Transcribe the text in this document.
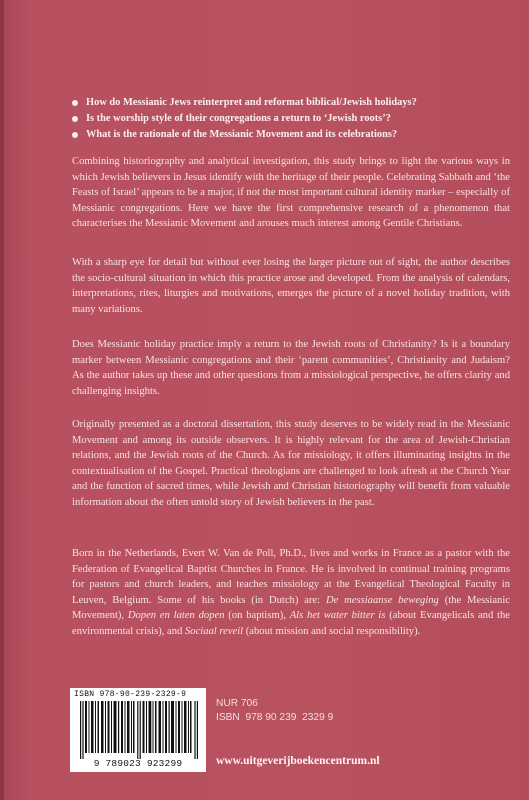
How do Messianic Jews reinterpret and reformat biblical/Jewish holidays?
Is the worship style of their congregations a return to ‘Jewish roots’?
What is the rationale of the Messianic Movement and its celebrations?

Combining historiography and analytical investigation, this study brings to light the various ways in which Jewish believers in Jesus identify with the heritage of their people. Celebrating Sabbath and ‘the Feasts of Israel’ appears to be a major, if not the most important cultural identity marker – especially of Messianic congregations. Here we have the first comprehensive research of a phenomenon that characterises the Messianic Movement and arouses much interest among Gentile Christians.

With a sharp eye for detail but without ever losing the larger picture out of sight, the author describes the socio-cultural situation in which this practice arose and developed. From the analysis of calendars, interpretations, rites, liturgies and motivations, emerges the picture of a novel holiday tradition, with many variations.

Does Messianic holiday practice imply a return to the Jewish roots of Christianity? Is it a boundary marker between Messianic congregations and their ‘parent communities’, Christianity and Judaism? As the author takes up these and other questions from a missiological perspective, he offers clarity and challenging insights.

Originally presented as a doctoral dissertation, this study deserves to be widely read in the Messianic Movement and among its outside observers. It is highly relevant for the area of Jewish-Christian relations, and the Jewish roots of the Church. As for missiology, it offers illuminating insights in the contextualisation of the Gospel. Practical theologians are challenged to look afresh at the Church Year and the function of sacred times, while Jewish and Christian historiography will benefit from valuable information about the often untold story of Jewish believers in the past.

Born in the Netherlands, Evert W. Van de Poll, Ph.D., lives and works in France as a pastor with the Federation of Evangelical Baptist Churches in France. He is involved in continual training programs for pastors and church leaders, and teaches missiology at the Evangelical Theological Faculty in Leuven, Belgium. Some of his books (in Dutch) are: De messiaanse beweging (the Messianic Movement), Dopen en laten dopen (on baptism), Als het water bitter is (about Evangelicals and the environmental crisis), and Sociaal reveil (about mission and social responsibility).

ISBN 978-90-239-2329-9
9 789023 923299
NUR 706
ISBN  978 90 239  2329 9
www.uitgeverijboekencentrum.nl
